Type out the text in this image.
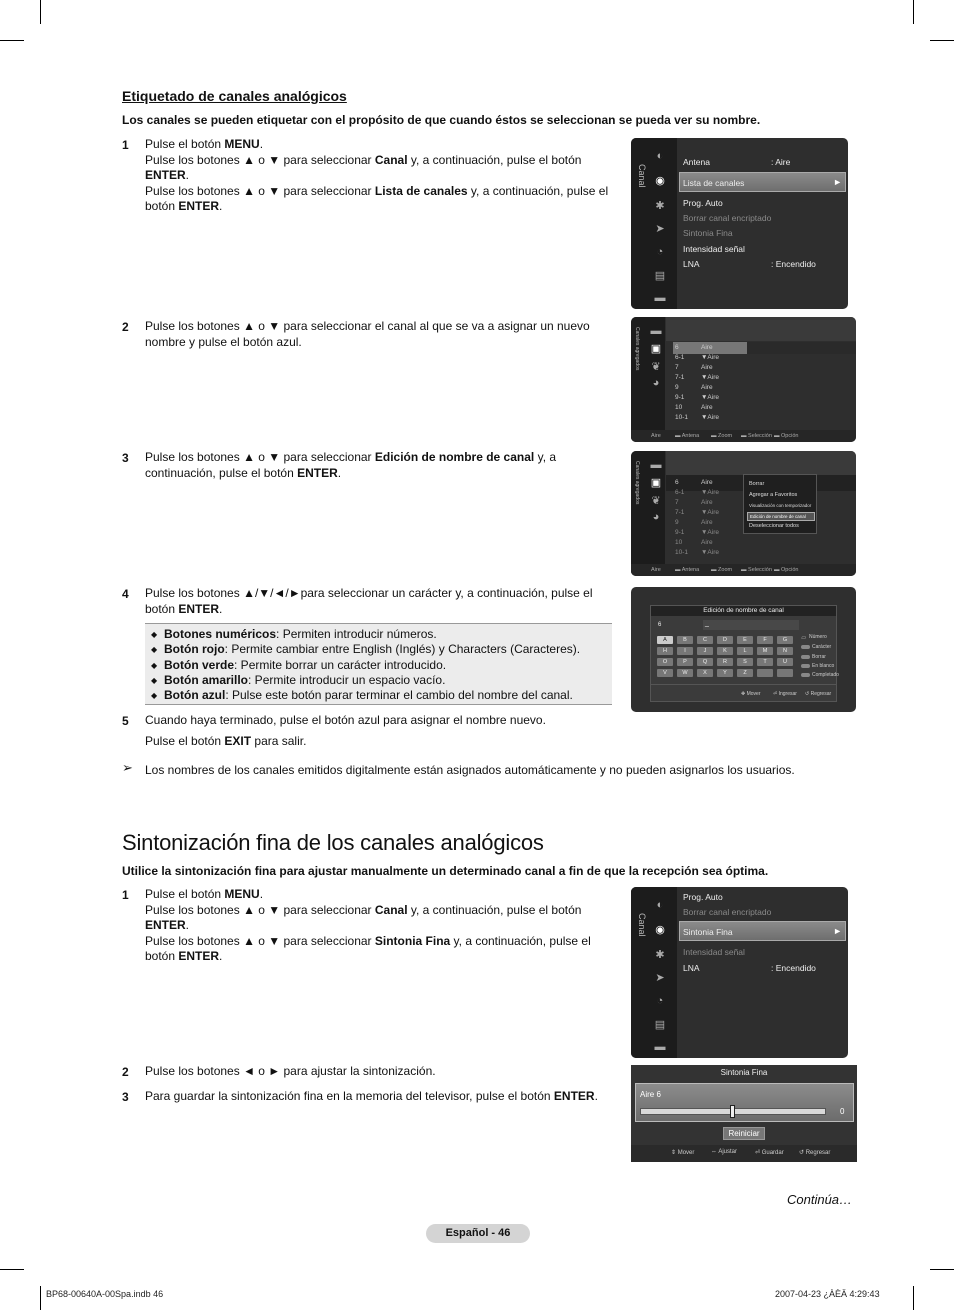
Etiquetado de canales analógicos
Los canales se pueden etiquetar con el propósito de que cuando éstos se seleccionan se pueda ver su nombre.
1 Pulse el botón MENU.
Pulse los botones ▲ o ▼ para seleccionar Canal y, a continuación, pulse el botón
ENTER.
Pulse los botones ▲ o ▼ para seleccionar Lista de canales y, a continuación, pulse el
botón ENTER.
2 Pulse los botones ▲ o ▼ para seleccionar el canal al que se va a asignar un nuevo
nombre y pulse el botón azul.
3 Pulse los botones ▲ o ▼ para seleccionar Edición de nombre de canal y, a
continuación, pulse el botón ENTER.
4 Pulse los botones ▲/▼/◄/►para seleccionar un carácter y, a continuación, pulse el
botón ENTER.
◆ Botones numéricos: Permiten introducir números.
◆ Botón rojo: Permite cambiar entre English (Inglés) y Characters (Caracteres).
◆ Botón verde: Permite borrar un carácter introducido.
◆ Botón amarillo: Permite introducir un espacio vacío.
◆ Botón azul: Pulse este botón parar terminar el cambio del nombre del canal.
5 Cuando haya terminado, pulse el botón azul para asignar el nombre nuevo.
Pulse el botón EXIT para salir.
➢ Los nombres de los canales emitidos digitalmente están asignados automáticamente y no pueden asignarlos los usuarios.
Canal
◐
◉
✱
➤
◔
▤
▬
►
Antena	: Aire
Lista de canales
Prog. Auto
Borrar canal encriptado
Sintonia Fina
Intensidad señal
LNA	: Encendido
Canales agregados ▬
▣
❦
◕
6	Aire
6-1	▼Aire
7	Aire
7-1	▼Aire
9	Aire
9-1	▼Aire
10	Aire
10-1 ▼Aire
Aire	▬ Antena ▬ Zoom ▬ Selección ▬ Opción
Canales agregados ▬
▣
❦
◕
6	Aire
6-1	▼Aire
7	Aire
7-1	▼Aire
9	Aire
9-1	▼Aire
10	Aire
10-1 ▼Aire
Borrar
Agregar a Favoritos
Visualización con temporizador
Edición de nombre de canal
Deseleccionar todos
Aire	▬ Antena ▬ Zoom ▬ Selección ▬ Opción
Edición de nombre de canal
6	_
A	B	C	D	E	F	G
H	I	J	K	L	M	N
O	P	Q	R	S	T	U
V	W	X	Y	Z
▭ Número
Carácter
Borrar
En blanco
Completado
✥ Mover	⏎ Ingresar ↺ Regresar
Sintonización fina de los canales analógicos
Utilice la sintonización fina para ajustar manualmente un determinado canal a fin de que la recepción sea óptima.
1 Pulse el botón MENU.
Pulse los botones ▲ o ▼ para seleccionar Canal y, a continuación, pulse el botón
ENTER.
Pulse los botones ▲ o ▼ para seleccionar Sintonia Fina y, a continuación, pulse el
botón ENTER.
2 Pulse los botones ◄ o ► para ajustar la sintonización.
3 Para guardar la sintonización fina en la memoria del televisor, pulse el botón ENTER.
Canal
◐
◉
✱
➤
◔
▤
▬
►
Prog. Auto
Borrar canal encriptado
Sintonia Fina
Intensidad señal
LNA	: Encendido
Sintonia Fina
Aire 6
0
Reiniciar
⇕ Mover	⇔ Ajustar	⏎ Guardar	↺ Regresar
Continúa…
Español - 46
BP68-00640A-00Spa.indb 46	2007-04-23 ¿ÀÈÄ 4:29:43
